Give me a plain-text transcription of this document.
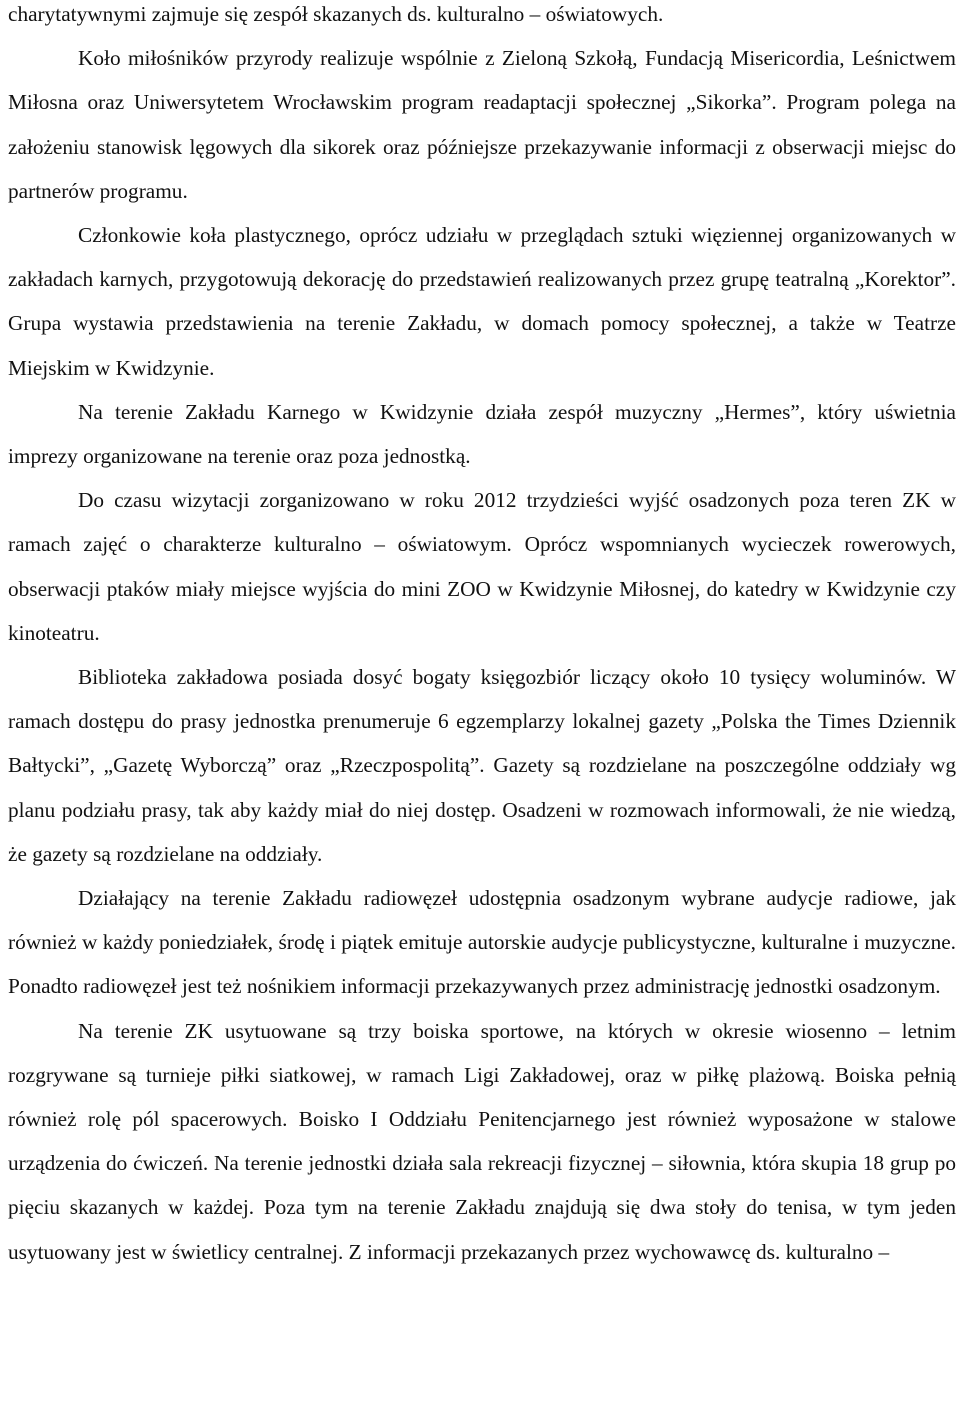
charytatywnymi zajmuje się zespół skazanych ds. kulturalno – oświatowych.

Koło miłośników przyrody realizuje wspólnie z Zieloną Szkołą, Fundacją Misericordia, Leśnictwem Miłosna oraz Uniwersytetem Wrocławskim program readaptacji społecznej „Sikorka”. Program polega na założeniu stanowisk lęgowych dla sikorek oraz późniejsze przekazywanie informacji z obserwacji miejsc do partnerów programu.

Członkowie koła plastycznego, oprócz udziału w przeglądach sztuki więziennej organizowanych w zakładach karnych, przygotowują dekorację do przedstawień realizowanych przez grupę teatralną „Korektor”. Grupa wystawia przedstawienia na terenie Zakładu, w domach pomocy społecznej, a także w Teatrze Miejskim w Kwidzynie.

Na terenie Zakładu Karnego w Kwidzynie działa zespół muzyczny „Hermes”, który uświetnia imprezy organizowane na terenie oraz poza jednostką.

Do czasu wizytacji zorganizowano w roku 2012 trzydzieści wyjść osadzonych poza teren ZK w ramach zajęć o charakterze kulturalno – oświatowym. Oprócz wspomnianych wycieczek rowerowych, obserwacji ptaków miały miejsce wyjścia do mini ZOO w Kwidzynie Miłosnej, do katedry w Kwidzynie czy kinoteatru.

Biblioteka zakładowa posiada dosyć bogaty księgozbiór liczący około 10 tysięcy woluminów. W ramach dostępu do prasy jednostka prenumeruje 6 egzemplarzy lokalnej gazety „Polska the Times Dziennik Bałtycki”, „Gazetę Wyborczą” oraz „Rzeczpospolitą”. Gazety są rozdzielane na poszczególne oddziały wg planu podziału prasy, tak aby każdy miał do niej dostęp. Osadzeni w rozmowach informowali, że nie wiedzą, że gazety są rozdzielane na oddziały.

Działający na terenie Zakładu radiowęzeł udostępnia osadzonym wybrane audycje radiowe, jak również w każdy poniedziałek, środę i piątek emituje autorskie audycje publicystyczne, kulturalne i muzyczne. Ponadto radiowęzeł jest też nośnikiem informacji przekazywanych przez administrację jednostki osadzonym.

Na terenie ZK usytuowane są trzy boiska sportowe, na których w okresie wiosenno – letnim rozgrywane są turnieje piłki siatkowej, w ramach Ligi Zakładowej, oraz w piłkę plażową. Boiska pełnią również rolę pól spacerowych. Boisko I Oddziału Penitencjarnego jest również wyposażone w stalowe urządzenia do ćwiczeń. Na terenie jednostki działa sala rekreacji fizycznej – siłownia, która skupia 18 grup po pięciu skazanych w każdej. Poza tym na terenie Zakładu znajdują się dwa stoły do tenisa, w tym jeden usytuowany jest w świetlicy centralnej. Z informacji przekazanych przez wychowawcę ds. kulturalno –
